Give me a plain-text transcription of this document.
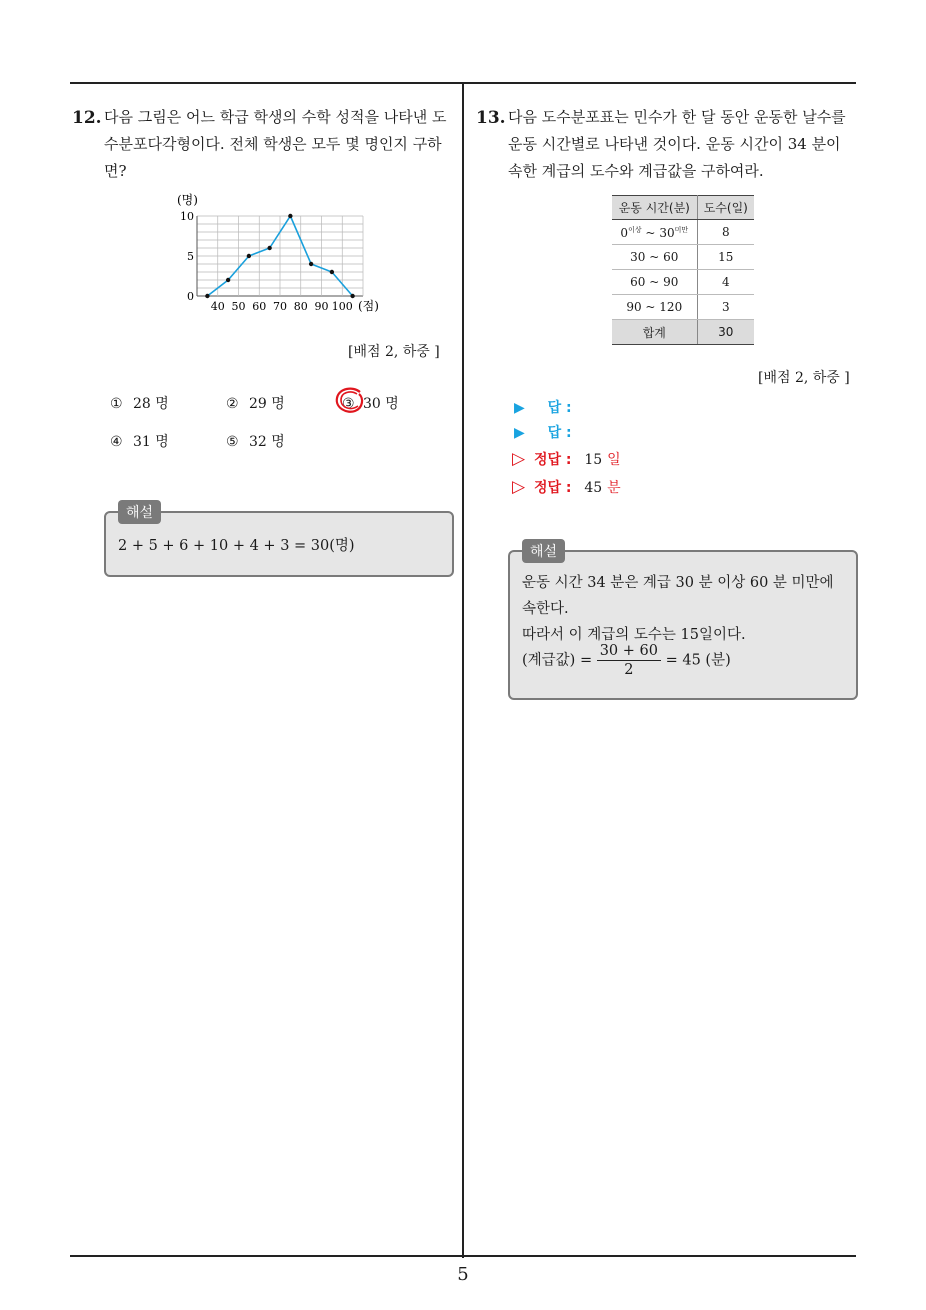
5
12. 다음 그림은 어느 학급 학생의 수학 성적을 나타낸 도
수분포다각형이다. 전체 학생은 모두 몇 명인지 구하
면?
0
5
10
40 50 60 70 80 90 100
(명)
(점)
[배점 2, 하중 ]
① 28 명	② 29 명	③ 30 명
④ 31 명	⑤ 32 명
2 + 5 + 6 + 10 + 4 + 3 = 30(명)
해설
13. 다음 도수분포표는 민수가 한 달 동안 운동한 날수를
운동 시간별로 나타낸 것이다. 운동 시간이 34 분이
속한 계급의 도수와 계급값을 구하여라.
운동 시간(분)	도수(일)
$0^{이상}$ ~ $30^{미만}$	8
30 ~ 60	15
60 ~ 90	4
90 ~ 120	3
합계	30
[배점 2, 하중 ]
▶ 답 :
▶ 답 :
▷ 정답 : 15 일
▷ 정답 : 45 분
운동 시간 34 분은 계급 30 분 이상 60 분 미만에
속한다.
따라서 이 계급의 도수는 15일이다.
(계급값) = $\frac{30 + 60}{2} = 45$ (분)
해설
